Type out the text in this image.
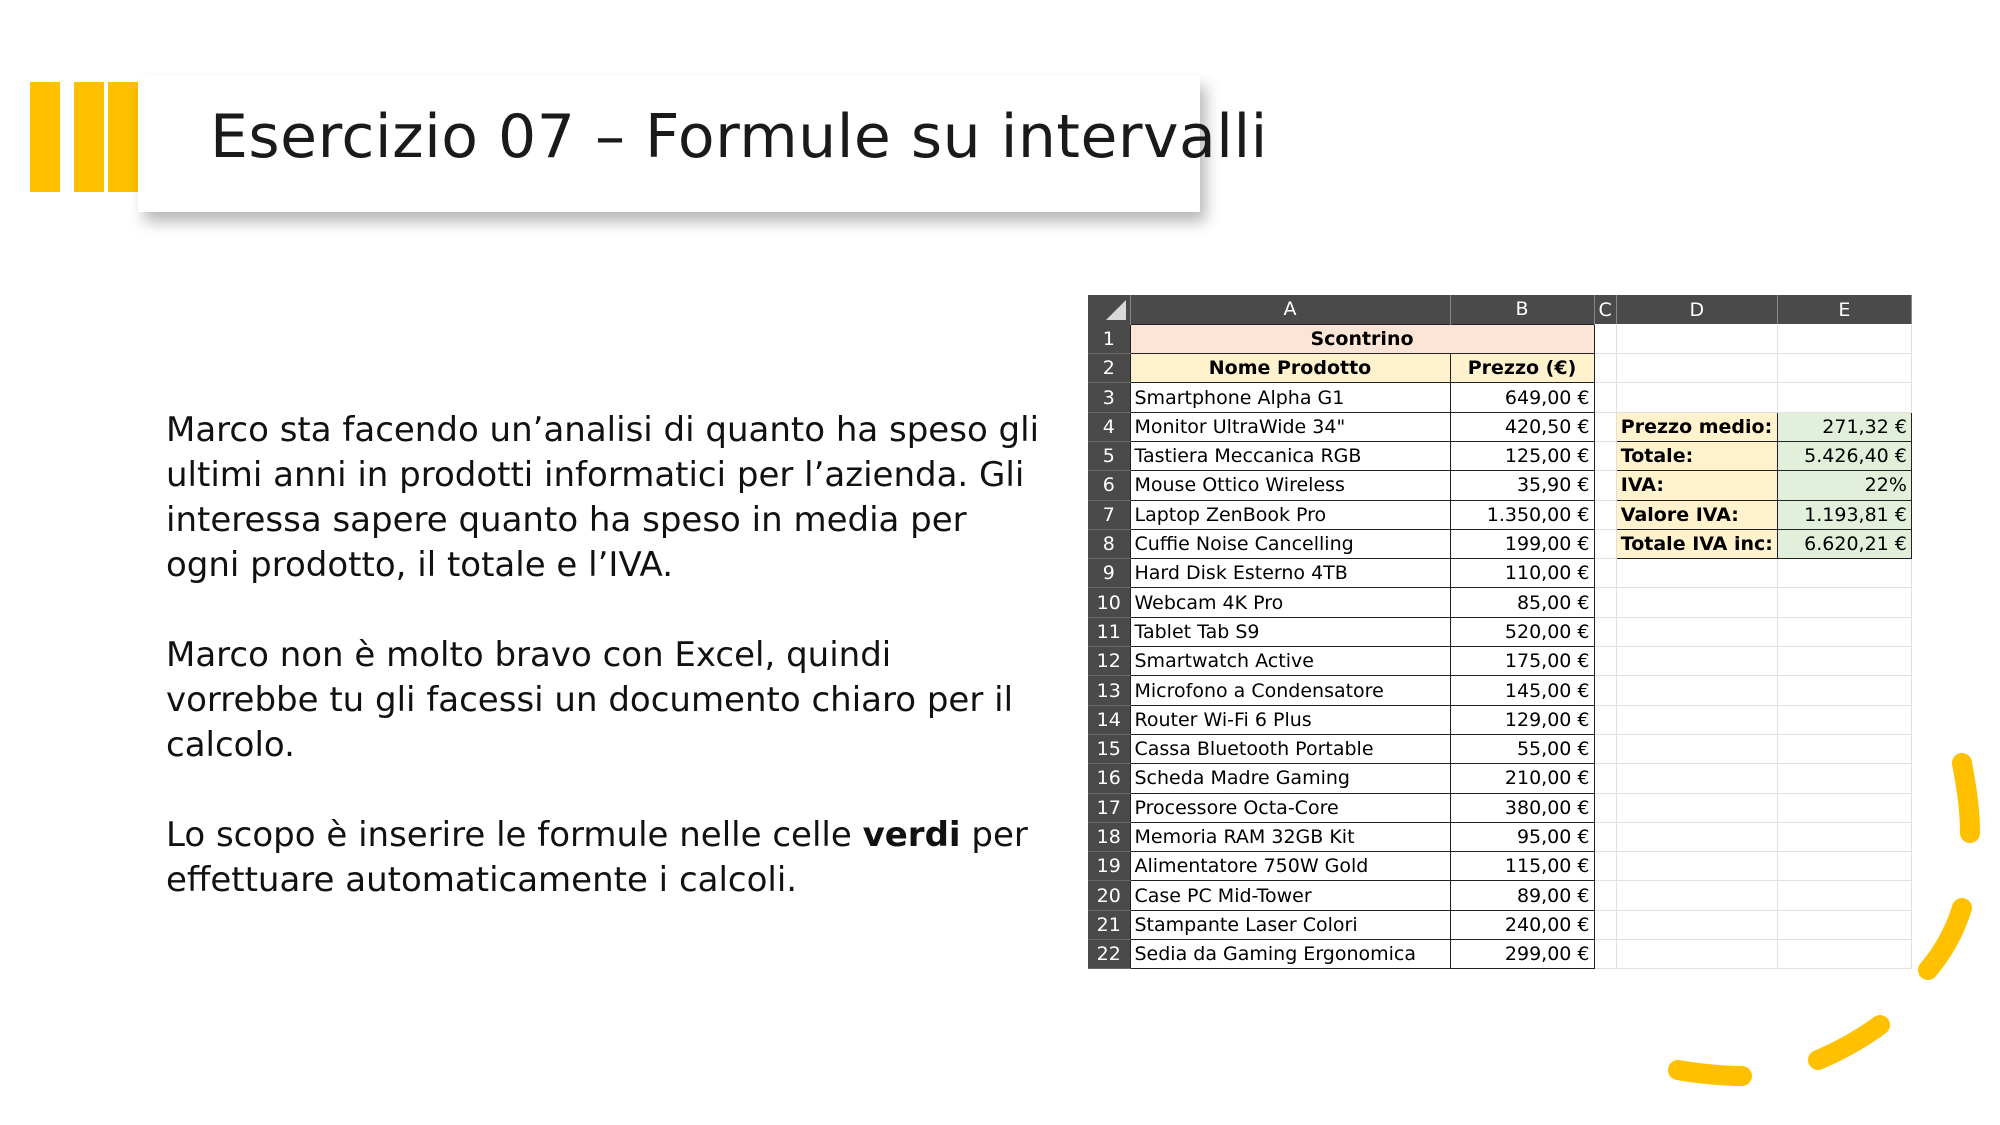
Esercizio 07 – Formule su intervalli

Marco sta facendo un’analisi di quanto ha speso gli ultimi anni in prodotti informatici per l’azienda. Gli interessa sapere quanto ha speso in media per ogni prodotto, il totale e l’IVA.

Marco non è molto bravo con Excel, quindi vorrebbe tu gli facessi un documento chiaro per il calcolo.

Lo scopo è inserire le formule nelle celle verdi per effettuare automaticamente i calcoli.

	A	B	C	D	E
1	Scontrino				
2	Nome Prodotto	Prezzo (€)			
3	Smartphone Alpha G1	649,00 €			
4	Monitor UltraWide 34"	420,50 €		Prezzo medio:	271,32 €
5	Tastiera Meccanica RGB	125,00 €		Totale:	5.426,40 €
6	Mouse Ottico Wireless	35,90 €		IVA:	22%
7	Laptop ZenBook Pro	1.350,00 €		Valore IVA:	1.193,81 €
8	Cuffie Noise Cancelling	199,00 €		Totale IVA inc:	6.620,21 €
9	Hard Disk Esterno 4TB	110,00 €			
10	Webcam 4K Pro	85,00 €			
11	Tablet Tab S9	520,00 €			
12	Smartwatch Active	175,00 €			
13	Microfono a Condensatore	145,00 €			
14	Router Wi-Fi 6 Plus	129,00 €			
15	Cassa Bluetooth Portable	55,00 €			
16	Scheda Madre Gaming	210,00 €			
17	Processore Octa-Core	380,00 €			
18	Memoria RAM 32GB Kit	95,00 €			
19	Alimentatore 750W Gold	115,00 €			
20	Case PC Mid-Tower	89,00 €			
21	Stampante Laser Colori	240,00 €			
22	Sedia da Gaming Ergonomica	299,00 €			
